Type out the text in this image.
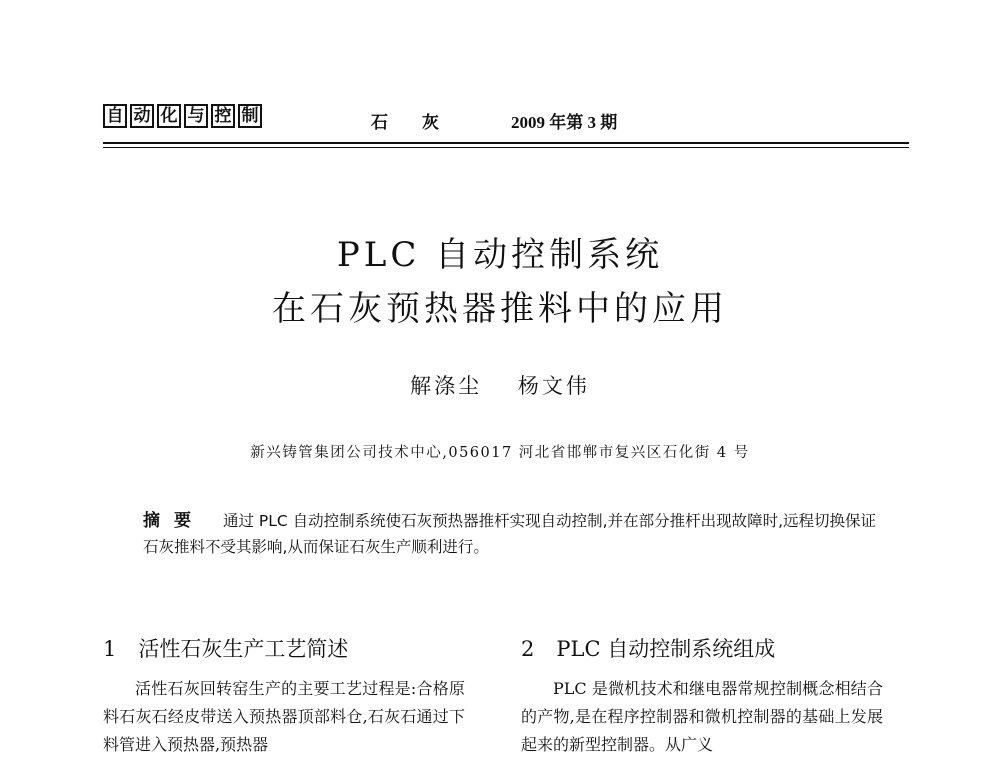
自 动 化 与 控 制	石 灰	2009 年第 3 期
PLC 自动控制系统
在石灰预热器推料中的应用
解涤尘 杨文伟
新兴铸管集团公司技术中心,056017 河北省邯郸市复兴区石化街 4 号
摘要 通过 PLC 自动控制系统使石灰预热器推杆实现自动控制,并在部分推杆出现故障时,远程切换保证石灰推料不受其影响,从而保证石灰生产顺利进行。
1 活性石灰生产工艺简述
活性石灰回转窑生产的主要工艺过程是:合格原料石灰石经皮带送入预热器顶部料仓,石灰石通过下料管进入预热器,预热器
2 PLC 自动控制系统组成
PLC 是微机技术和继电器常规控制概念相结合的产物,是在程序控制器和微机控制器的基础上发展起来的新型控制器。从广义
